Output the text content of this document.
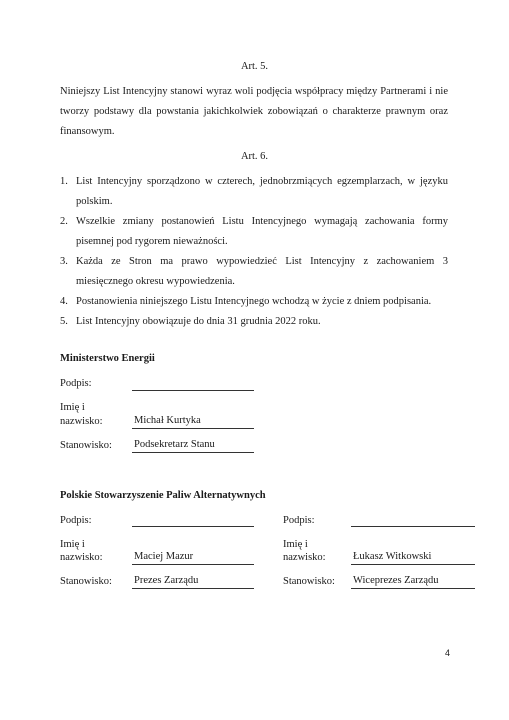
Art. 5.
Niniejszy List Intencyjny stanowi wyraz woli podjęcia współpracy między Partnerami i nie tworzy podstawy dla powstania jakichkolwiek zobowiązań o charakterze prawnym oraz finansowym.
Art. 6.
1. List Intencyjny sporządzono w czterech, jednobrzmiących egzemplarzach, w języku polskim.
2. Wszelkie zmiany postanowień Listu Intencyjnego wymagają zachowania formy pisemnej pod rygorem nieważności.
3. Każda ze Stron ma prawo wypowiedzieć List Intencyjny z zachowaniem 3 miesięcznego okresu wypowiedzenia.
4. Postanowienia niniejszego Listu Intencyjnego wchodzą w życie z dniem podpisania.
5. List Intencyjny obowiązuje do dnia 31 grudnia 2022 roku.
Ministerstwo Energii
Podpis:
Imię i
nazwisko:	Michał Kurtyka
Stanowisko: Podsekretarz Stanu
Polskie Stowarzyszenie Paliw Alternatywnych
Podpis:
Imię i
nazwisko:	Maciej Mazur
Stanowisko: Prezes Zarządu
Podpis:
Imię i
nazwisko:	Łukasz Witkowski
Stanowisko: Wiceprezes Zarządu
4
